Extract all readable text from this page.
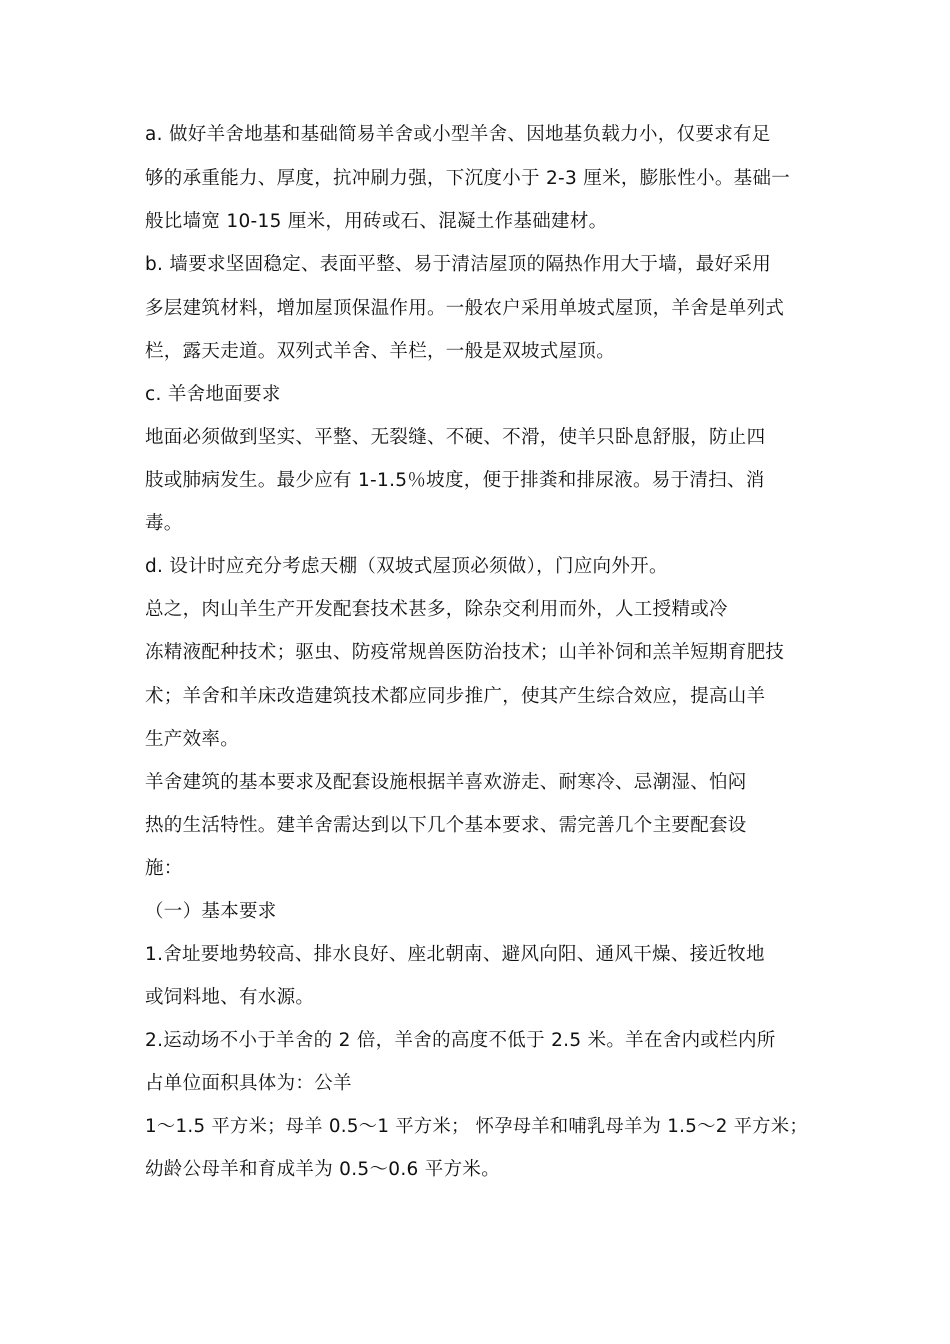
a. 做好羊舍地基和基础简易羊舍或小型羊舍、因地基负载力小，仅要求有足
够的承重能力、厚度，抗冲刷力强，下沉度小于 2-3 厘米，膨胀性小。基础一
般比墙宽 10-15 厘米，用砖或石、混凝土作基础建材。
b. 墙要求坚固稳定、表面平整、易于清洁屋顶的隔热作用大于墙，最好采用
多层建筑材料，增加屋顶保温作用。一般农户采用单坡式屋顶，羊舍是单列式
栏，露天走道。双列式羊舍、羊栏，一般是双坡式屋顶。
c. 羊舍地面要求
地面必须做到坚实、平整、无裂缝、不硬、不滑，使羊只卧息舒服，防止四
肢或肺病发生。最少应有 1-1.5％坡度，便于排粪和排尿液。易于清扫、消
毒。
d. 设计时应充分考虑天棚（双坡式屋顶必须做），门应向外开。
总之，肉山羊生产开发配套技术甚多，除杂交利用而外，人工授精或冷
冻精液配种技术；驱虫、防疫常规兽医防治技术；山羊补饲和羔羊短期育肥技
术；羊舍和羊床改造建筑技术都应同步推广，使其产生综合效应，提高山羊
生产效率。
羊舍建筑的基本要求及配套设施根据羊喜欢游走、耐寒冷、忌潮湿、怕闷
热的生活特性。建羊舍需达到以下几个基本要求、需完善几个主要配套设
施：
（一）基本要求
1.舍址要地势较高、排水良好、座北朝南、避风向阳、通风干燥、接近牧地
或饲料地、有水源。
2.运动场不小于羊舍的 2 倍，羊舍的高度不低于 2.5 米。羊在舍内或栏内所
占单位面积具体为：公羊
1～1.5 平方米；母羊 0.5～1 平方米； 怀孕母羊和哺乳母羊为 1.5～2 平方米；
幼龄公母羊和育成羊为 0.5～0.6 平方米。
